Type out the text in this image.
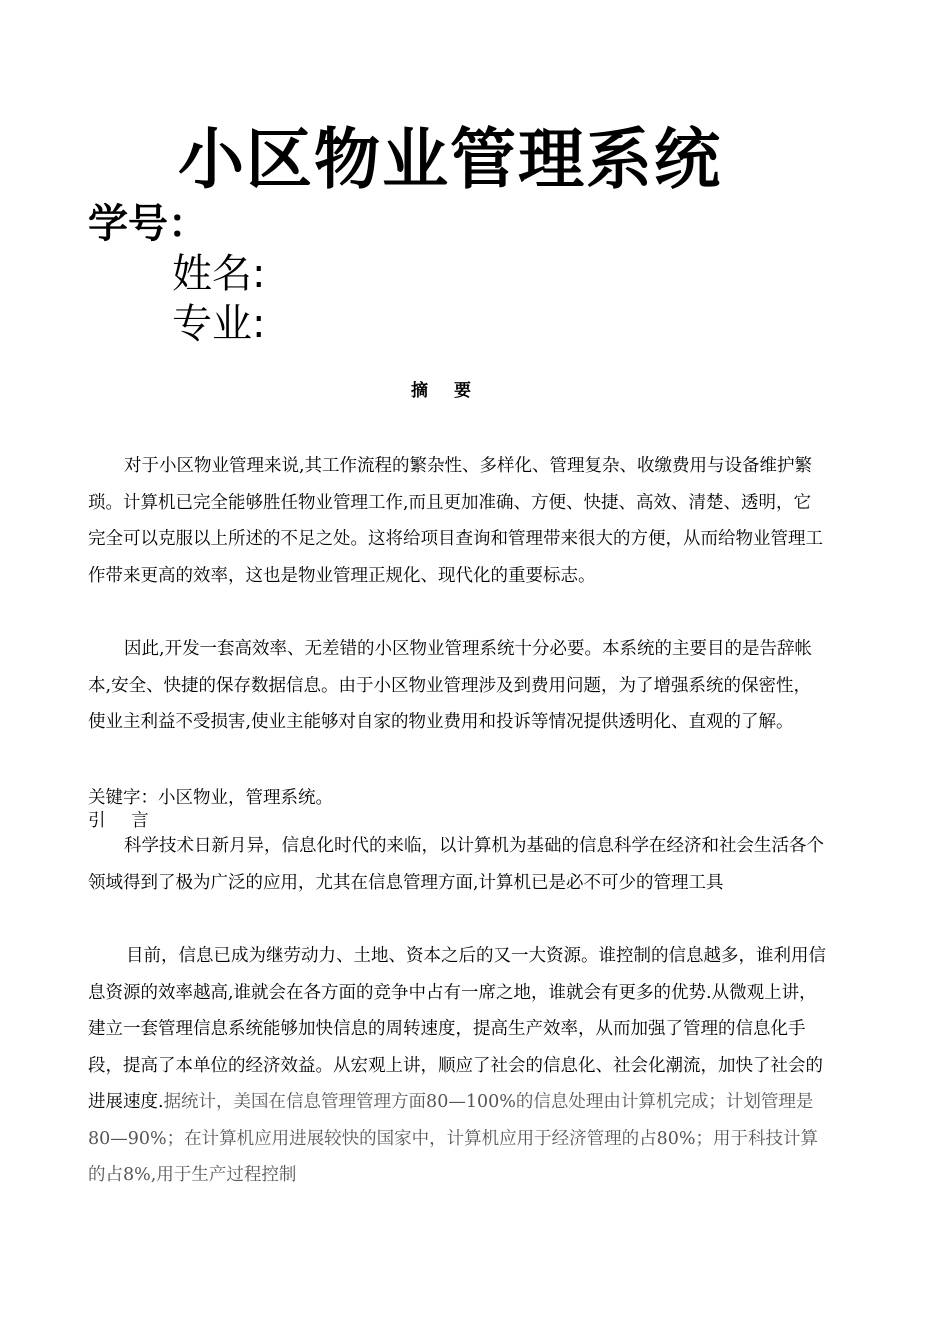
小区物业管理系统
学号：
姓名:
专业:
摘 要
对于小区物业管理来说,其工作流程的繁杂性、多样化、管理复杂、收缴费用与设备维护繁琐。计算机已完全能够胜任物业管理工作,而且更加准确、方便、快捷、高效、清楚、透明，它完全可以克服以上所述的不足之处。这将给项目查询和管理带来很大的方便，从而给物业管理工作带来更高的效率，这也是物业管理正规化、现代化的重要标志。
因此,开发一套高效率、无差错的小区物业管理系统十分必要。本系统的主要目的是告辞帐本,安全、快捷的保存数据信息。由于小区物业管理涉及到费用问题，为了增强系统的保密性，使业主利益不受损害,使业主能够对自家的物业费用和投诉等情况提供透明化、直观的了解。
关键字：小区物业，管理系统。
引 言
科学技术日新月异，信息化时代的来临，以计算机为基础的信息科学在经济和社会生活各个领域得到了极为广泛的应用，尤其在信息管理方面,计算机已是必不可少的管理工具
目前，信息已成为继劳动力、土地、资本之后的又一大资源。谁控制的信息越多，谁利用信息资源的效率越高,谁就会在各方面的竞争中占有一席之地，谁就会有更多的优势.从微观上讲，建立一套管理信息系统能够加快信息的周转速度，提高生产效率，从而加强了管理的信息化手段，提高了本单位的经济效益。从宏观上讲，顺应了社会的信息化、社会化潮流，加快了社会的进展速度.据统计，美国在信息管理管理方面80—100%的信息处理由计算机完成；计划管理是80—90%；在计算机应用进展较快的国家中，计算机应用于经济管理的占80%；用于科技计算的占8%,用于生产过程控制
